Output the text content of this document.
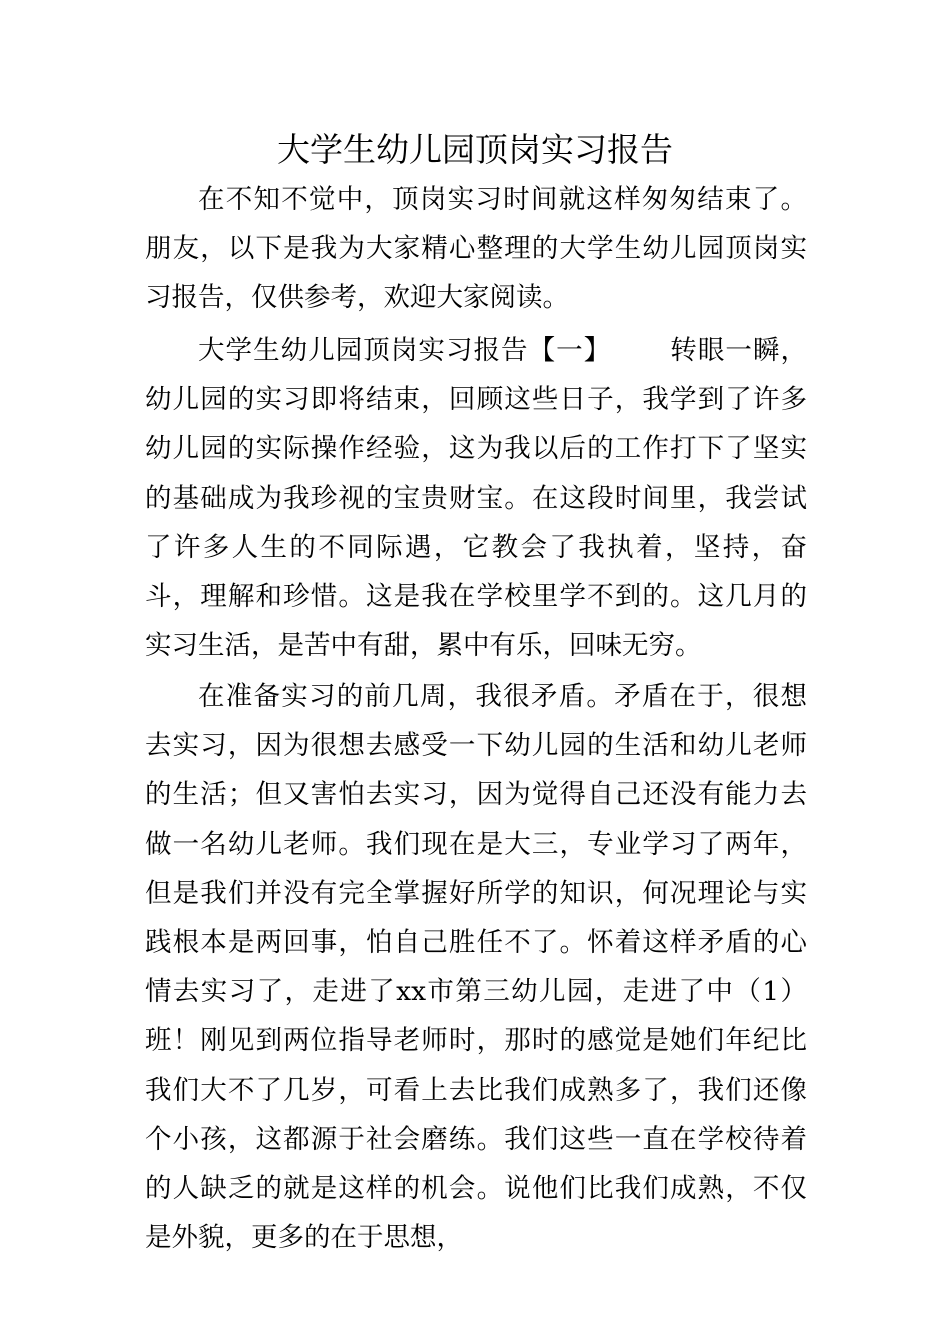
大学生幼儿园顶岗实习报告

在不知不觉中，顶岗实习时间就这样匆匆结束了。朋友，以下是我为大家精心整理的大学生幼儿园顶岗实习报告，仅供参考，欢迎大家阅读。

大学生幼儿园顶岗实习报告【一】 转眼一瞬，幼儿园的实习即将结束，回顾这些日子，我学到了许多幼儿园的实际操作经验，这为我以后的工作打下了坚实的基础成为我珍视的宝贵财宝。在这段时间里，我尝试了许多人生的不同际遇，它教会了我执着，坚持，奋斗，理解和珍惜。这是我在学校里学不到的。这几月的实习生活，是苦中有甜，累中有乐，回味无穷。

在准备实习的前几周，我很矛盾。矛盾在于，很想去实习，因为很想去感受一下幼儿园的生活和幼儿老师的生活；但又害怕去实习，因为觉得自己还没有能力去做一名幼儿老师。我们现在是大三，专业学习了两年，但是我们并没有完全掌握好所学的知识，何况理论与实践根本是两回事，怕自己胜任不了。怀着这样矛盾的心情去实习了，走进了xx市第三幼儿园，走进了中（1）班！刚见到两位指导老师时，那时的感觉是她们年纪比我们大不了几岁，可看上去比我们成熟多了，我们还像个小孩，这都源于社会磨练。我们这些一直在学校待着的人缺乏的就是这样的机会。说他们比我们成熟，不仅是外貌，更多的在于思想，
